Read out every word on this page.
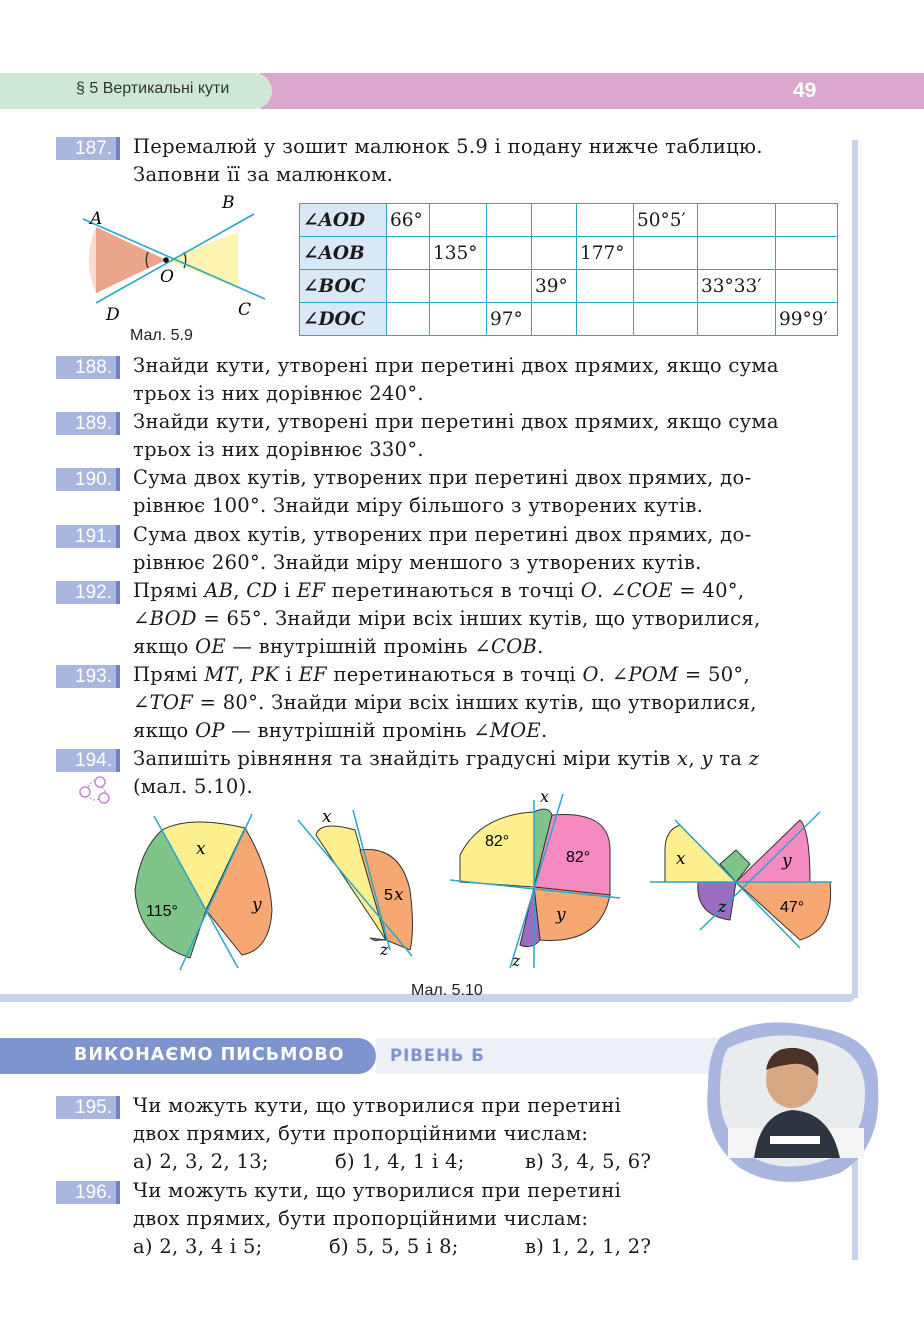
§ 5 Вертикальні кути	49
187.	Перемалюй у зошит малюнок 5.9 і подану нижче таблицю.
Заповни її за малюнком.
A
B
C
D
O
Мал. 5.9
∠AOD	66°					50°5′		
∠AOB		135°			177°			
∠BOC				39°			33°33′	
∠DOC			97°					99°9′
188.	Знайди кути, утворені при перетині двох прямих, якщо сума
трьох із них дорівнює 240°.
189.	Знайди кути, утворені при перетині двох прямих, якщо сума
трьох із них дорівнює 330°.
190.	Сума двох кутів, утворених при перетині двох прямих, до-
рівнює 100°. Знайди міру більшого з утворених кутів.
191.	Сума двох кутів, утворених при перетині двох прямих, до-
рівнює 260°. Знайди міру меншого з утворених кутів.
192.	Прямі AB, CD і EF перетинаються в точці O. ∠COE = 40°,
∠BOD = 65°. Знайди міри всіх інших кутів, що утворилися,
якщо OE — внутрішній промінь ∠COB.
193.	Прямі MT, PK і EF перетинаються в точці O. ∠POM = 50°,
∠TOF = 80°. Знайди міри всіх інших кутів, що утворилися,
якщо OP — внутрішній промінь ∠MOE.
194.	Запишіть рівняння та знайдіть градусні міри кутів x, y та z
(мал. 5.10).
x
115°	y
x
5 x
z
x
82°
82°
y
z
x	y
z	47°
Мал. 5.10
ВИКОНАЄМО ПИСЬМОВО	РІВЕНЬ Б
195.	Чи можуть кути, що утворилися при перетині
двох прямих, бути пропорційними числам:
а) 2, 3, 2, 13;	б) 1, 4, 1 і 4;	в) 3, 4, 5, 6?
196.	Чи можуть кути, що утворилися при перетині
двох прямих, бути пропорційними числам:
а) 2, 3, 4 і 5;	б) 5, 5, 5 і 8;	в) 1, 2, 1, 2?
